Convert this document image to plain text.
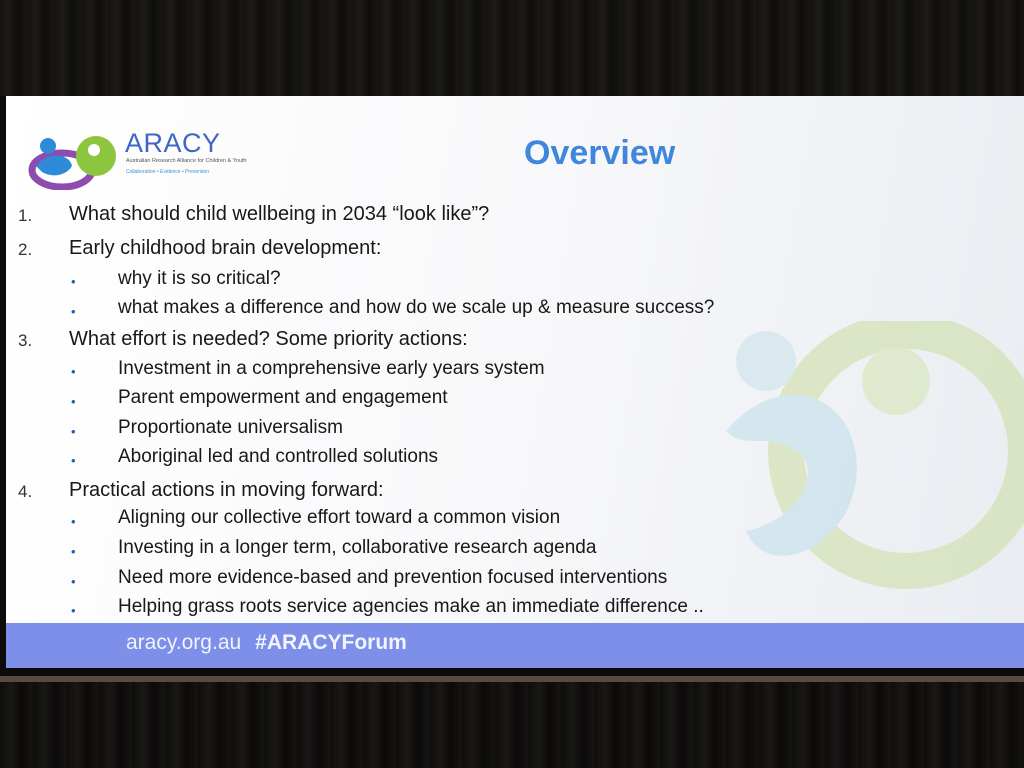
ARACY
Australian Research Alliance for Children & Youth
Collaboration • Evidence • Prevention	Overview
1. What should child wellbeing in 2034 “look like”?
2. Early childhood brain development:
• why it is so critical?
• what makes a difference and how do we scale up & measure success?
3. What effort is needed? Some priority actions:
• Investment in a comprehensive early years system
• Parent empowerment and engagement
• Proportionate universalism
• Aboriginal led and controlled solutions
4. Practical actions in moving forward:
• Aligning our collective effort toward a common vision
• Investing in a longer term, collaborative research agenda
• Need more evidence-based and prevention focused interventions
• Helping grass roots service agencies make an immediate difference ..
aracy.org.au #ARACYForum
